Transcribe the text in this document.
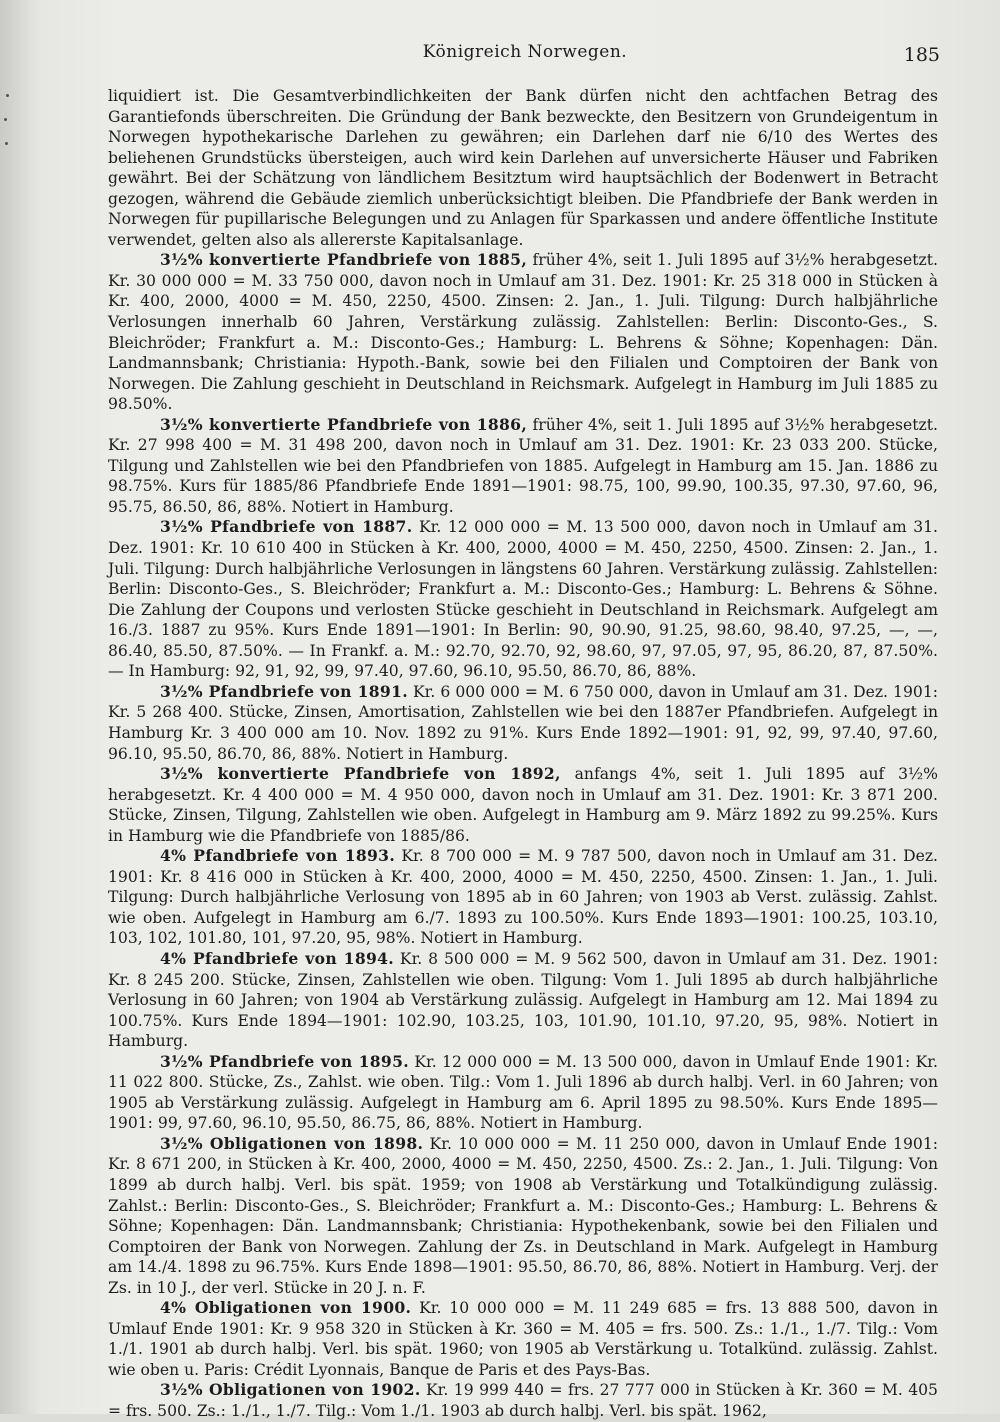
Königreich Norwegen.	185

liquidiert ist. Die Gesamtverbindlichkeiten der Bank dürfen nicht den achtfachen Betrag des Garantiefonds überschreiten. Die Gründung der Bank bezweckte, den Besitzern von Grundeigentum in Norwegen hypothekarische Darlehen zu gewähren; ein Darlehen darf nie 6/10 des Wertes des beliehenen Grundstücks übersteigen, auch wird kein Darlehen auf unversicherte Häuser und Fabriken gewährt. Bei der Schätzung von ländlichem Besitztum wird hauptsächlich der Bodenwert in Betracht gezogen, während die Gebäude ziemlich unberücksichtigt bleiben. Die Pfandbriefe der Bank werden in Norwegen für pupillarische Belegungen und zu Anlagen für Sparkassen und andere öffentliche Institute verwendet, gelten also als allererste Kapitalsanlage.

3½% konvertierte Pfandbriefe von 1885, früher 4%, seit 1. Juli 1895 auf 3½% herabgesetzt. Kr. 30 000 000 = M. 33 750 000, davon noch in Umlauf am 31. Dez. 1901: Kr. 25 318 000 in Stücken à Kr. 400, 2000, 4000 = M. 450, 2250, 4500. Zinsen: 2. Jan., 1. Juli. Tilgung: Durch halbjährliche Verlosungen innerhalb 60 Jahren, Verstärkung zulässig. Zahlstellen: Berlin: Disconto-Ges., S. Bleichröder; Frankfurt a. M.: Disconto-Ges.; Hamburg: L. Behrens & Söhne; Kopenhagen: Dän. Landmannsbank; Christiania: Hypoth.-Bank, sowie bei den Filialen und Comptoiren der Bank von Norwegen. Die Zahlung geschieht in Deutschland in Reichsmark. Aufgelegt in Hamburg im Juli 1885 zu 98.50%.

3½% konvertierte Pfandbriefe von 1886, früher 4%, seit 1. Juli 1895 auf 3½% herabgesetzt. Kr. 27 998 400 = M. 31 498 200, davon noch in Umlauf am 31. Dez. 1901: Kr. 23 033 200. Stücke, Tilgung und Zahlstellen wie bei den Pfandbriefen von 1885. Aufgelegt in Hamburg am 15. Jan. 1886 zu 98.75%. Kurs für 1885/86 Pfandbriefe Ende 1891—1901: 98.75, 100, 99.90, 100.35, 97.30, 97.60, 96, 95.75, 86.50, 86, 88%. Notiert in Hamburg.

3½% Pfandbriefe von 1887. Kr. 12 000 000 = M. 13 500 000, davon noch in Umlauf am 31. Dez. 1901: Kr. 10 610 400 in Stücken à Kr. 400, 2000, 4000 = M. 450, 2250, 4500. Zinsen: 2. Jan., 1. Juli. Tilgung: Durch halbjährliche Verlosungen in längstens 60 Jahren. Verstärkung zulässig. Zahlstellen: Berlin: Disconto-Ges., S. Bleichröder; Frankfurt a. M.: Disconto-Ges.; Hamburg: L. Behrens & Söhne. Die Zahlung der Coupons und verlosten Stücke geschieht in Deutschland in Reichsmark. Aufgelegt am 16./3. 1887 zu 95%. Kurs Ende 1891—1901: In Berlin: 90, 90.90, 91.25, 98.60, 98.40, 97.25, —, —, 86.40, 85.50, 87.50%. — In Frankf. a. M.: 92.70, 92.70, 92, 98.60, 97, 97.05, 97, 95, 86.20, 87, 87.50%. — In Hamburg: 92, 91, 92, 99, 97.40, 97.60, 96.10, 95.50, 86.70, 86, 88%.

3½% Pfandbriefe von 1891. Kr. 6 000 000 = M. 6 750 000, davon in Umlauf am 31. Dez. 1901: Kr. 5 268 400. Stücke, Zinsen, Amortisation, Zahlstellen wie bei den 1887er Pfandbriefen. Aufgelegt in Hamburg Kr. 3 400 000 am 10. Nov. 1892 zu 91%. Kurs Ende 1892—1901: 91, 92, 99, 97.40, 97.60, 96.10, 95.50, 86.70, 86, 88%. Notiert in Hamburg.

3½% konvertierte Pfandbriefe von 1892, anfangs 4%, seit 1. Juli 1895 auf 3½% herabgesetzt. Kr. 4 400 000 = M. 4 950 000, davon noch in Umlauf am 31. Dez. 1901: Kr. 3 871 200. Stücke, Zinsen, Tilgung, Zahlstellen wie oben. Aufgelegt in Hamburg am 9. März 1892 zu 99.25%. Kurs in Hamburg wie die Pfandbriefe von 1885/86.

4% Pfandbriefe von 1893. Kr. 8 700 000 = M. 9 787 500, davon noch in Umlauf am 31. Dez. 1901: Kr. 8 416 000 in Stücken à Kr. 400, 2000, 4000 = M. 450, 2250, 4500. Zinsen: 1. Jan., 1. Juli. Tilgung: Durch halbjährliche Verlosung von 1895 ab in 60 Jahren; von 1903 ab Verst. zulässig. Zahlst. wie oben. Aufgelegt in Hamburg am 6./7. 1893 zu 100.50%. Kurs Ende 1893—1901: 100.25, 103.10, 103, 102, 101.80, 101, 97.20, 95, 98%. Notiert in Hamburg.

4% Pfandbriefe von 1894. Kr. 8 500 000 = M. 9 562 500, davon in Umlauf am 31. Dez. 1901: Kr. 8 245 200. Stücke, Zinsen, Zahlstellen wie oben. Tilgung: Vom 1. Juli 1895 ab durch halbjährliche Verlosung in 60 Jahren; von 1904 ab Verstärkung zulässig. Aufgelegt in Hamburg am 12. Mai 1894 zu 100.75%. Kurs Ende 1894—1901: 102.90, 103.25, 103, 101.90, 101.10, 97.20, 95, 98%. Notiert in Hamburg.

3½% Pfandbriefe von 1895. Kr. 12 000 000 = M. 13 500 000, davon in Umlauf Ende 1901: Kr. 11 022 800. Stücke, Zs., Zahlst. wie oben. Tilg.: Vom 1. Juli 1896 ab durch halbj. Verl. in 60 Jahren; von 1905 ab Verstärkung zulässig. Aufgelegt in Hamburg am 6. April 1895 zu 98.50%. Kurs Ende 1895—1901: 99, 97.60, 96.10, 95.50, 86.75, 86, 88%. Notiert in Hamburg.

3½% Obligationen von 1898. Kr. 10 000 000 = M. 11 250 000, davon in Umlauf Ende 1901: Kr. 8 671 200, in Stücken à Kr. 400, 2000, 4000 = M. 450, 2250, 4500. Zs.: 2. Jan., 1. Juli. Tilgung: Von 1899 ab durch halbj. Verl. bis spät. 1959; von 1908 ab Verstärkung und Totalkündigung zulässig. Zahlst.: Berlin: Disconto-Ges., S. Bleichröder; Frankfurt a. M.: Disconto-Ges.; Hamburg: L. Behrens & Söhne; Kopenhagen: Dän. Landmannsbank; Christiania: Hypothekenbank, sowie bei den Filialen und Comptoiren der Bank von Norwegen. Zahlung der Zs. in Deutschland in Mark. Aufgelegt in Hamburg am 14./4. 1898 zu 96.75%. Kurs Ende 1898—1901: 95.50, 86.70, 86, 88%. Notiert in Hamburg. Verj. der Zs. in 10 J., der verl. Stücke in 20 J. n. F.

4% Obligationen von 1900. Kr. 10 000 000 = M. 11 249 685 = frs. 13 888 500, davon in Umlauf Ende 1901: Kr. 9 958 320 in Stücken à Kr. 360 = M. 405 = frs. 500. Zs.: 1./1., 1./7. Tilg.: Vom 1./1. 1901 ab durch halbj. Verl. bis spät. 1960; von 1905 ab Verstärkung u. Totalkünd. zulässig. Zahlst. wie oben u. Paris: Crédit Lyonnais, Banque de Paris et des Pays-Bas.

3½% Obligationen von 1902. Kr. 19 999 440 = frs. 27 777 000 in Stücken à Kr. 360 = M. 405 = frs. 500. Zs.: 1./1., 1./7. Tilg.: Vom 1./1. 1903 ab durch halbj. Verl. bis spät. 1962,
